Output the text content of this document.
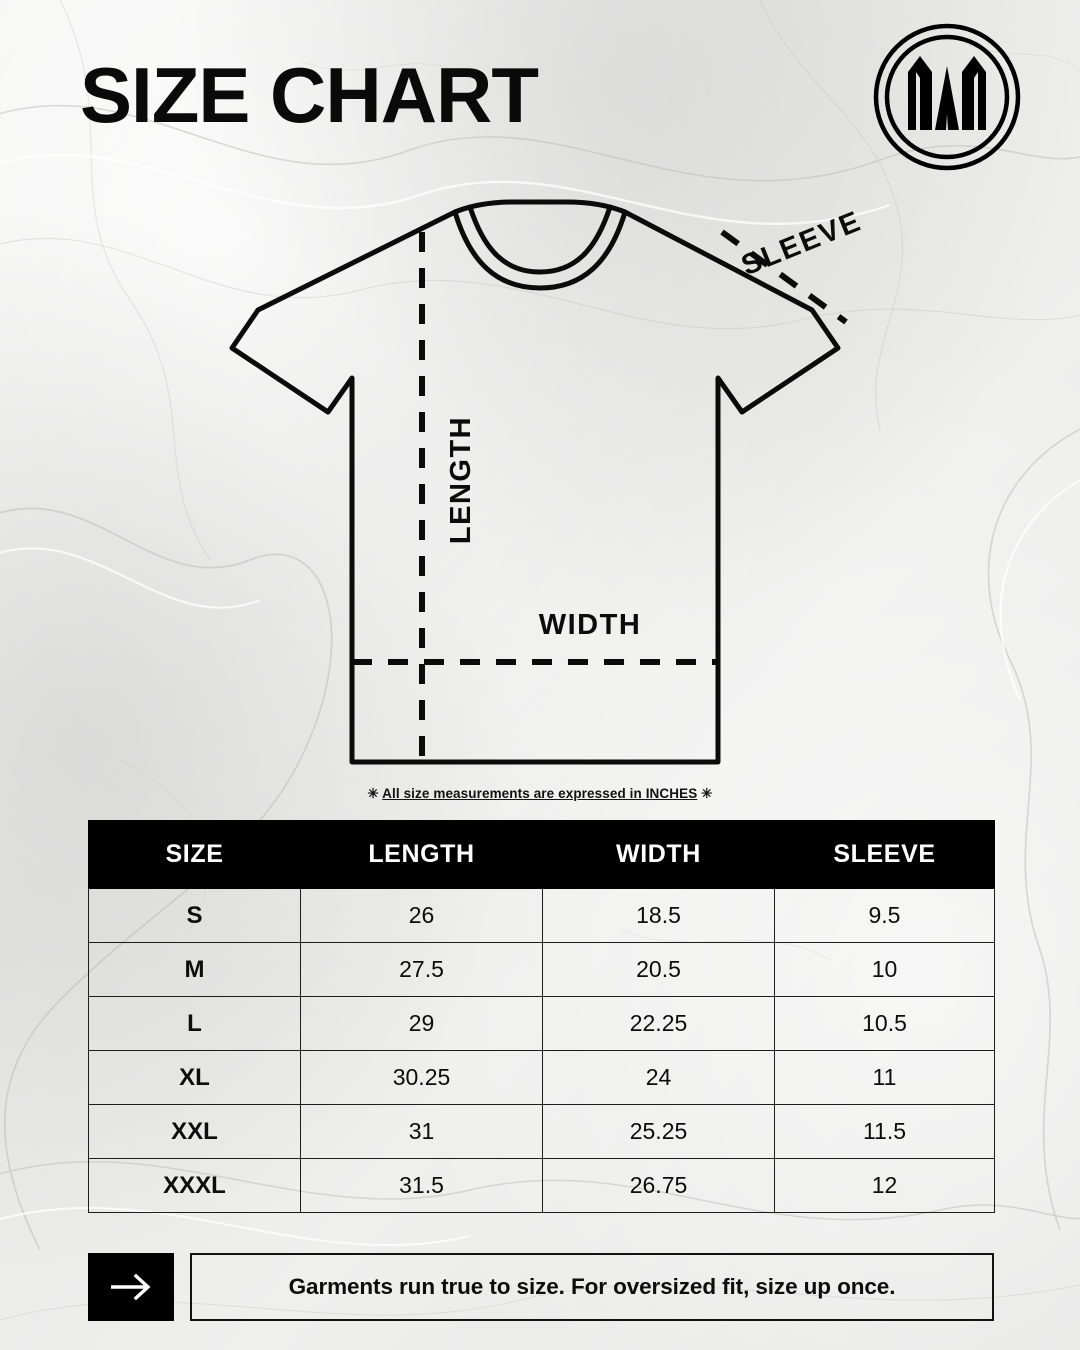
SIZE CHART
LENGTH
WIDTH
SLEEVE
✳ All size measurements are expressed in INCHES ✳
SIZE	LENGTH	WIDTH	SLEEVE
S	26	18.5	9.5
M	27.5	20.5	10
L	29	22.25	10.5
XL	30.25	24	11
XXL	31	25.25	11.5
XXXL	31.5	26.75	12
Garments run true to size. For oversized fit, size up once.
